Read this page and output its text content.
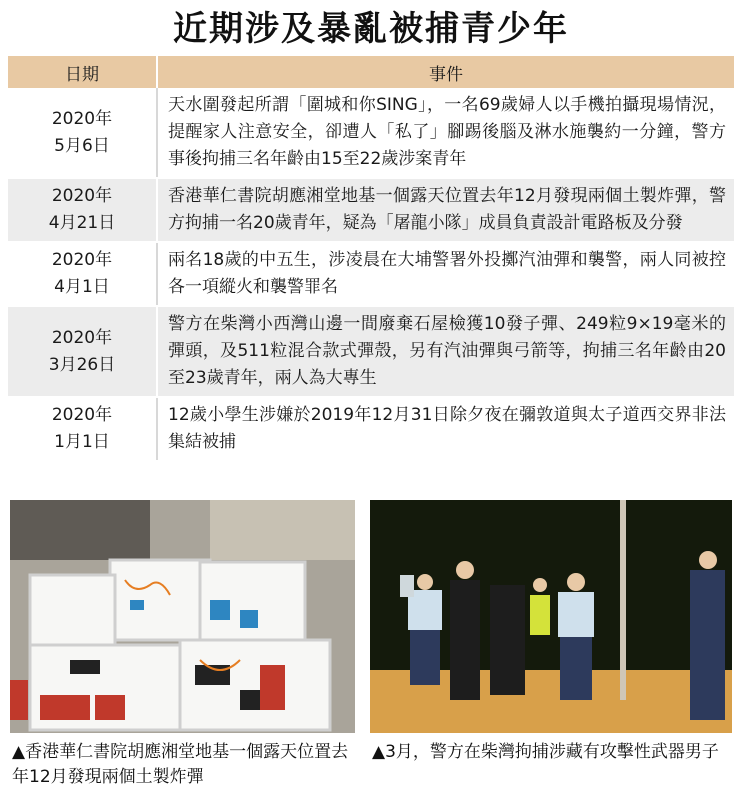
近期涉及暴亂被捕青少年
日期	事件

2020年
5月6日	天水圍發起所謂「圍城和你SING」，一名69歲婦人以手機拍攝現場情況，提醒家人注意安全，卻遭人「私了」腳踢後腦及淋水施襲約一分鐘，警方事後拘捕三名年齡由15至22歲涉案青年

2020年
4月21日	香港華仁書院胡應湘堂地基一個露天位置去年12月發現兩個土製炸彈，警方拘捕一名20歲青年，疑為「屠龍小隊」成員負責設計電路板及分發

2020年
4月1日	兩名18歲的中五生，涉凌晨在大埔警署外投擲汽油彈和襲警，兩人同被控各一項縱火和襲警罪名

2020年
3月26日	警方在柴灣小西灣山邊一間廢棄石屋檢獲10發子彈、249粒9×19毫米的彈頭，及511粒混合款式彈殼，另有汽油彈與弓箭等，拘捕三名年齡由20至23歲青年，兩人為大專生

2020年
1月1日	12歲小學生涉嫌於2019年12月31日除夕夜在彌敦道與太子道西交界非法集結被捕
▲香港華仁書院胡應湘堂地基一個露天位置去年12月發現兩個土製炸彈
▲3月，警方在柴灣拘捕涉藏有攻擊性武器男子
